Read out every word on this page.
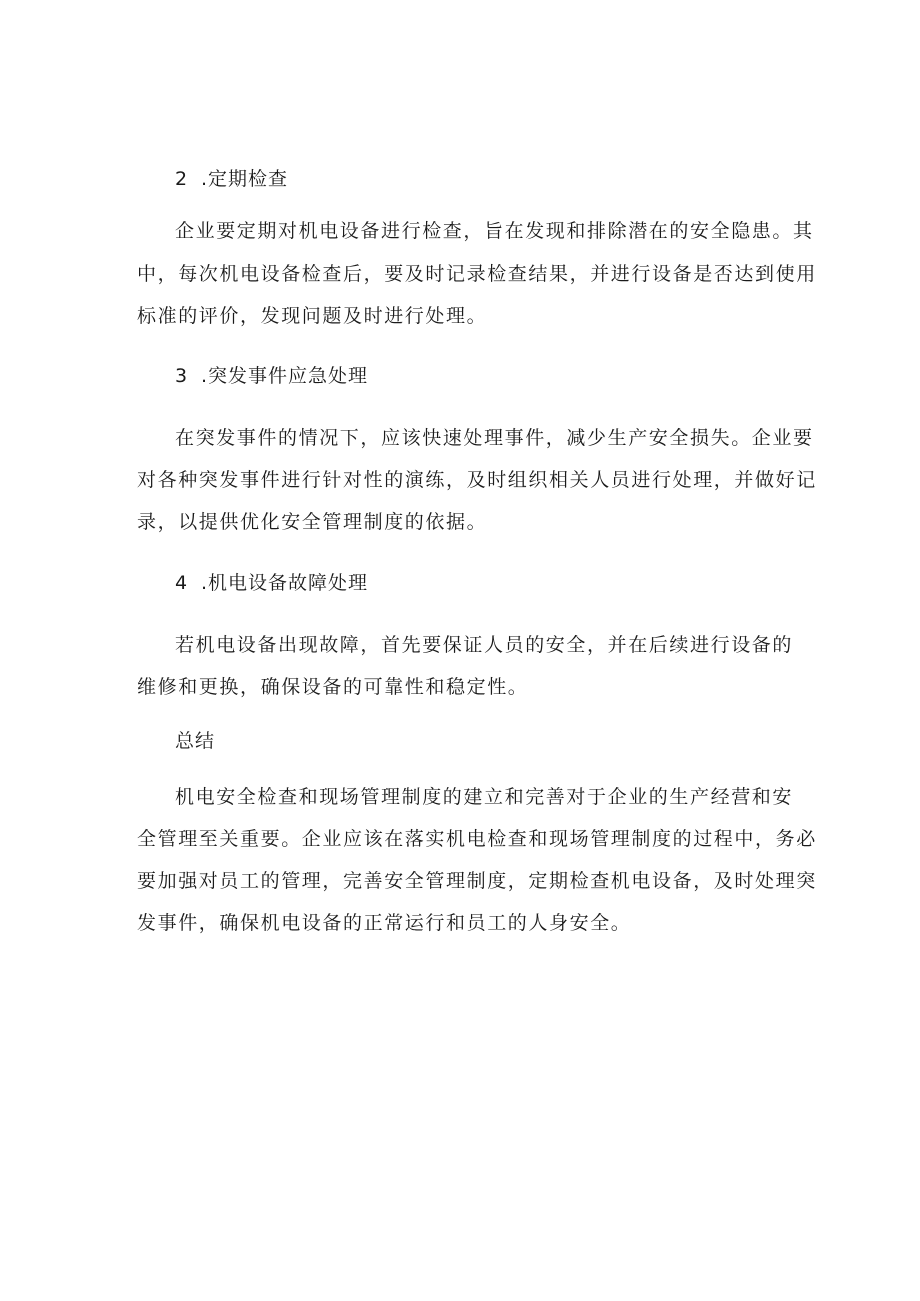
2 .定期检查
企业要定期对机电设备进行检查，旨在发现和排除潜在的安全隐患。其
中，每次机电设备检查后，要及时记录检查结果，并进行设备是否达到使用
标准的评价，发现问题及时进行处理。
3 .突发事件应急处理
在突发事件的情况下，应该快速处理事件，减少生产安全损失。企业要
对各种突发事件进行针对性的演练，及时组织相关人员进行处理，并做好记
录，以提供优化安全管理制度的依据。
4 .机电设备故障处理
若机电设备出现故障，首先要保证人员的安全，并在后续进行设备的
维修和更换，确保设备的可靠性和稳定性。
总结
机电安全检查和现场管理制度的建立和完善对于企业的生产经营和安
全管理至关重要。企业应该在落实机电检查和现场管理制度的过程中，务必
要加强对员工的管理，完善安全管理制度，定期检查机电设备，及时处理突
发事件，确保机电设备的正常运行和员工的人身安全。
